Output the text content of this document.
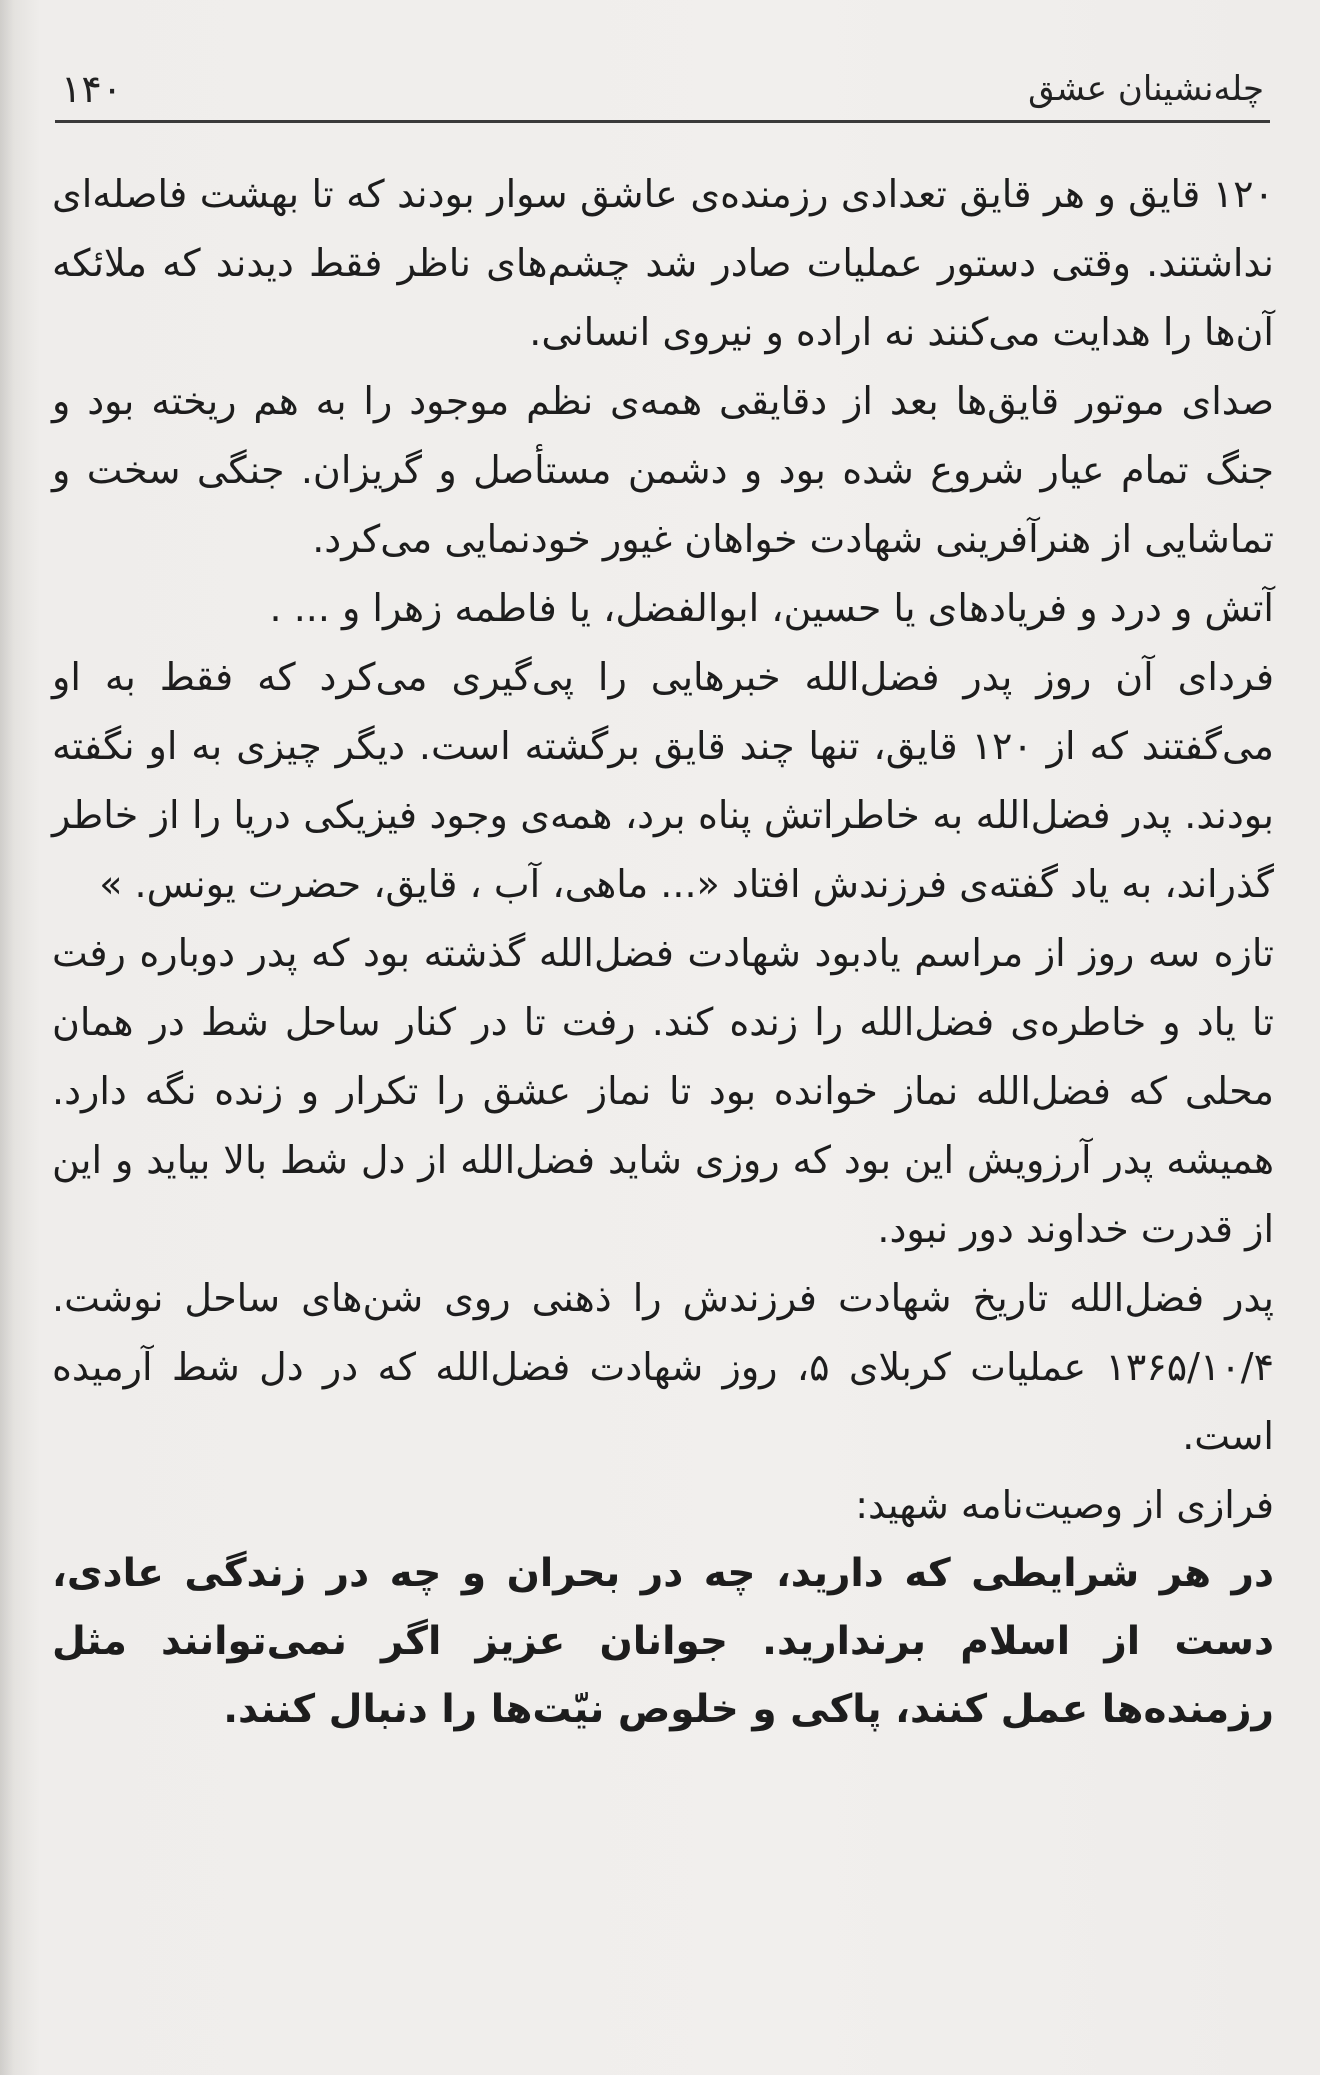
۱۴۰	چله‌نشینان عشق

۱۲۰ قایق و هر قایق تعدادی رزمنده‌ی عاشق سوار بودند که تا بهشت فاصله‌ای نداشتند. وقتی دستور عملیات صادر شد چشم‌های ناظر فقط دیدند که ملائکه آن‌ها را هدایت می‌کنند نه اراده و نیروی انسانی.

صدای موتور قایق‌ها بعد از دقایقی همه‌ی نظم موجود را به هم ریخته بود و جنگ تمام عیار شروع شده بود و دشمن مستأصل و گریزان. جنگی سخت و تماشایی از هنرآفرینی شهادت خواهان غیور خودنمایی می‌کرد.

آتش و درد و فریادهای یا حسین، ابوالفضل، یا فاطمه زهرا و ... .

فردای آن روز پدر فضل‌الله خبرهایی را پی‌گیری می‌کرد که فقط به او می‌گفتند که از ۱۲۰ قایق، تنها چند قایق برگشته است. دیگر چیزی به او نگفته بودند. پدر فضل‌الله به خاطراتش پناه برد، همه‌ی وجود فیزیکی دریا را از خاطر گذراند، به یاد گفته‌ی فرزندش افتاد «... ماهی، آب ، قایق، حضرت یونس. »

تازه سه روز از مراسم یادبود شهادت فضل‌الله گذشته بود که پدر دوباره رفت تا یاد و خاطره‌ی فضل‌الله را زنده کند. رفت تا در کنار ساحل شط در همان محلی که فضل‌الله نماز خوانده بود تا نماز عشق را تکرار و زنده نگه دارد. همیشه پدر آرزویش این بود که روزی شاید فضل‌الله از دل شط بالا بیاید و این از قدرت خداوند دور نبود.

پدر فضل‌الله تاریخ شهادت فرزندش را ذهنی روی شن‌های ساحل نوشت. ۱۳۶۵/۱۰/۴ عملیات کربلای ۵، روز شهادت فضل‌الله که در دل شط آرمیده است.

فرازی از وصیت‌نامه شهید:

در هر شرایطی که دارید، چه در بحران و چه در زندگی عادی، دست از اسلام برندارید. جوانان عزیز اگر نمی‌توانند مثل رزمنده‌ها عمل کنند، پاکی و خلوص نیّت‌ها را دنبال کنند.
